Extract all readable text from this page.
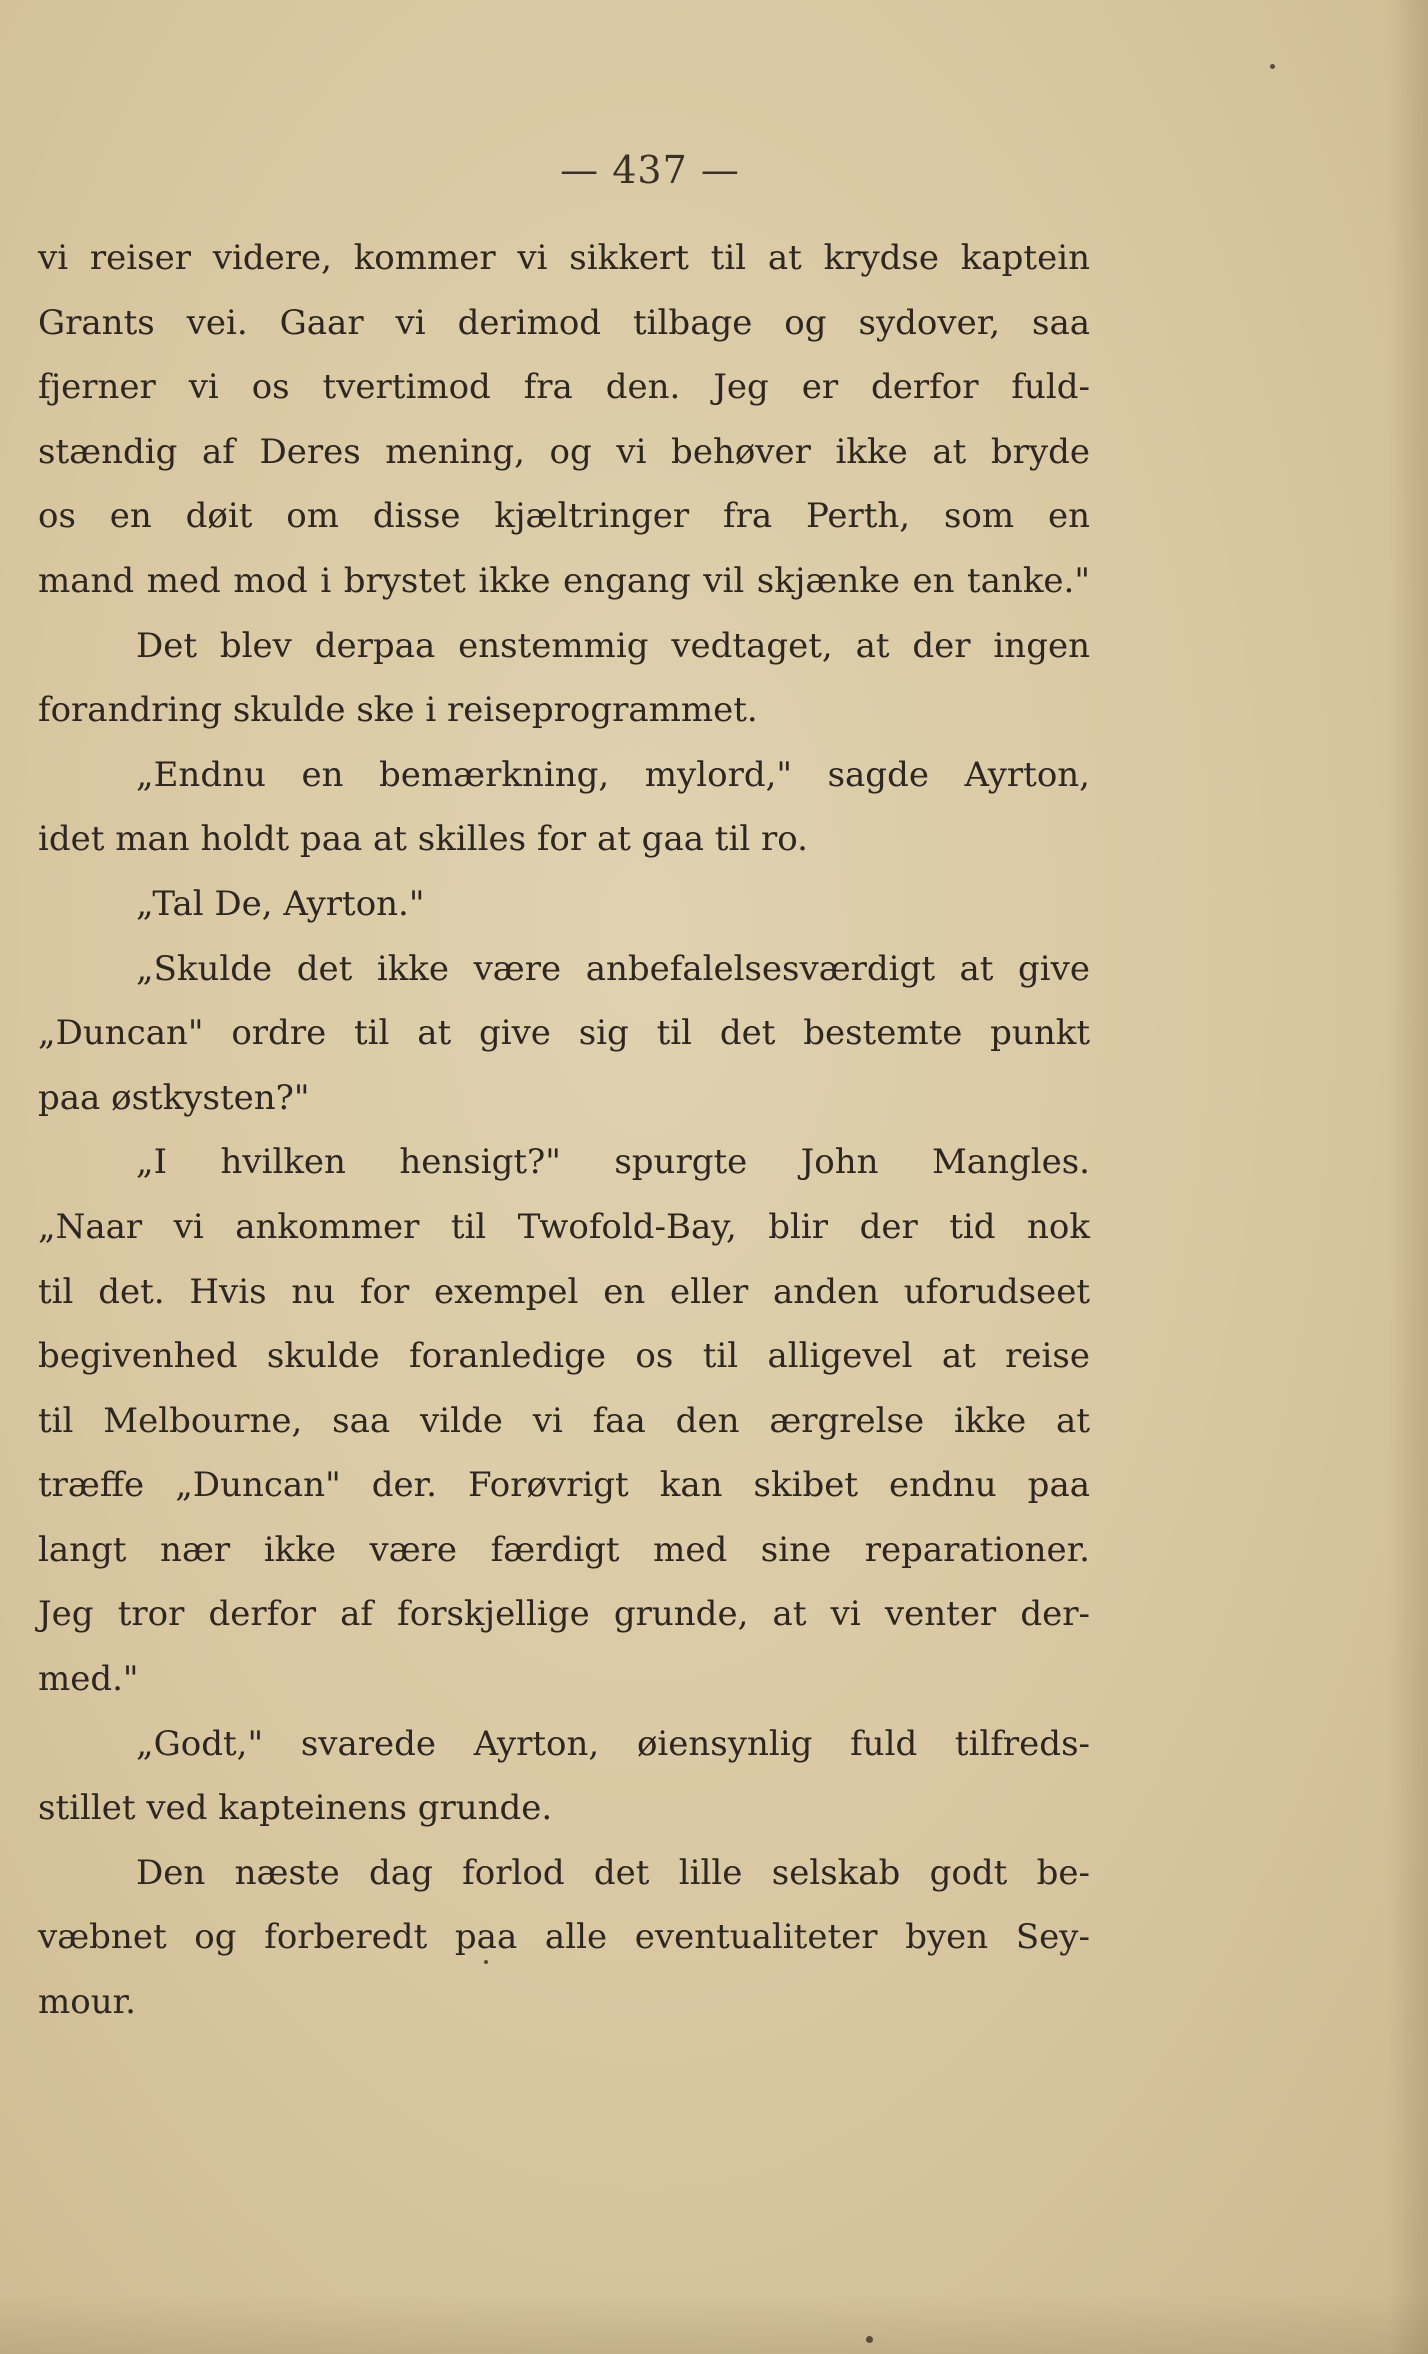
— 437 —
vi reiser videre, kommer vi sikkert til at krydse kaptein
Grants vei. Gaar vi derimod tilbage og sydover, saa
fjerner vi os tvertimod fra den. Jeg er derfor fuld-
stændig af Deres mening, og vi behøver ikke at bryde
os en døit om disse kjæltringer fra Perth, som en
mand med mod i brystet ikke engang vil skjænke en tanke."
Det blev derpaa enstemmig vedtaget, at der ingen
forandring skulde ske i reiseprogrammet.
„Endnu en bemærkning, mylord," sagde Ayrton,
idet man holdt paa at skilles for at gaa til ro.
„Tal De, Ayrton."
„Skulde det ikke være anbefalelsesværdigt at give
„Duncan" ordre til at give sig til det bestemte punkt
paa østkysten?"
„I hvilken hensigt?" spurgte John Mangles.
„Naar vi ankommer til Twofold-Bay, blir der tid nok
til det. Hvis nu for exempel en eller anden uforudseet
begivenhed skulde foranledige os til alligevel at reise
til Melbourne, saa vilde vi faa den ærgrelse ikke at
træffe „Duncan" der. Forøvrigt kan skibet endnu paa
langt nær ikke være færdigt med sine reparationer.
Jeg tror derfor af forskjellige grunde, at vi venter der-
med."
„Godt," svarede Ayrton, øiensynlig fuld tilfreds-
stillet ved kapteinens grunde.
Den næste dag forlod det lille selskab godt be-
væbnet og forberedt paa alle eventualiteter byen Sey-
mour.
